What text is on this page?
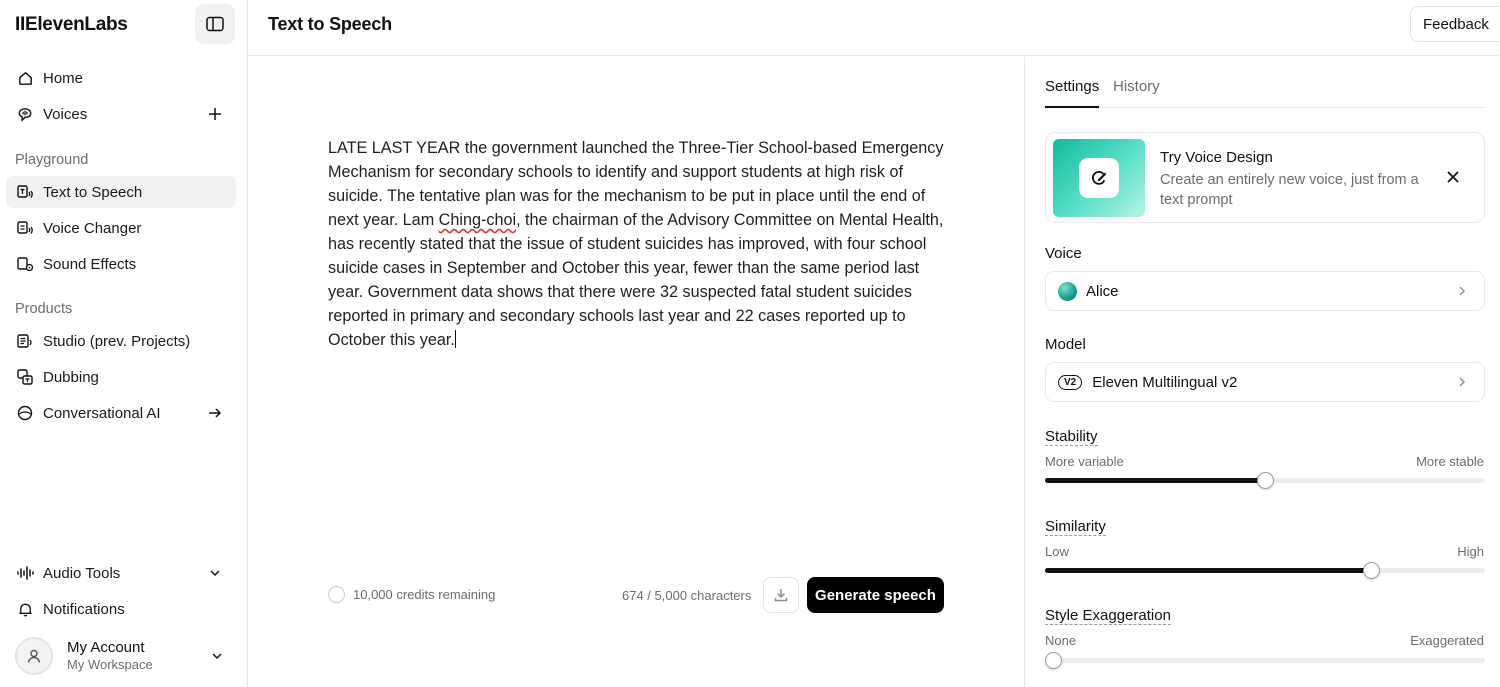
IIElevenLabs
Home
Voices
Playground
Text to Speech
Voice Changer
Sound Effects
Products
Studio (prev. Projects)
Dubbing
Conversational AI
Audio Tools
Notifications
My Account
My Workspace
Text to Speech	Feedback
LATE LAST YEAR the government launched the Three-Tier School-based Emergency Mechanism for secondary schools to identify and support students at high risk of suicide. The tentative plan was for the mechanism to be put in place until the end of next year. Lam Ching-choi, the chairman of the Advisory Committee on Mental Health, has recently stated that the issue of student suicides has improved, with four school suicide cases in September and October this year, fewer than the same period last year. Government data shows that there were 32 suspected fatal student suicides reported in primary and secondary schools last year and 22 cases reported up to October this year.
10,000 credits remaining	674 / 5,000 characters	Generate speech
Settings History
Try Voice Design
Create an entirely new voice, just from a text prompt
Voice
Alice
Model
V2	Eleven Multilingual v2
Stability
More variable	More stable
Similarity
Low	High
Style Exaggeration
None	Exaggerated
